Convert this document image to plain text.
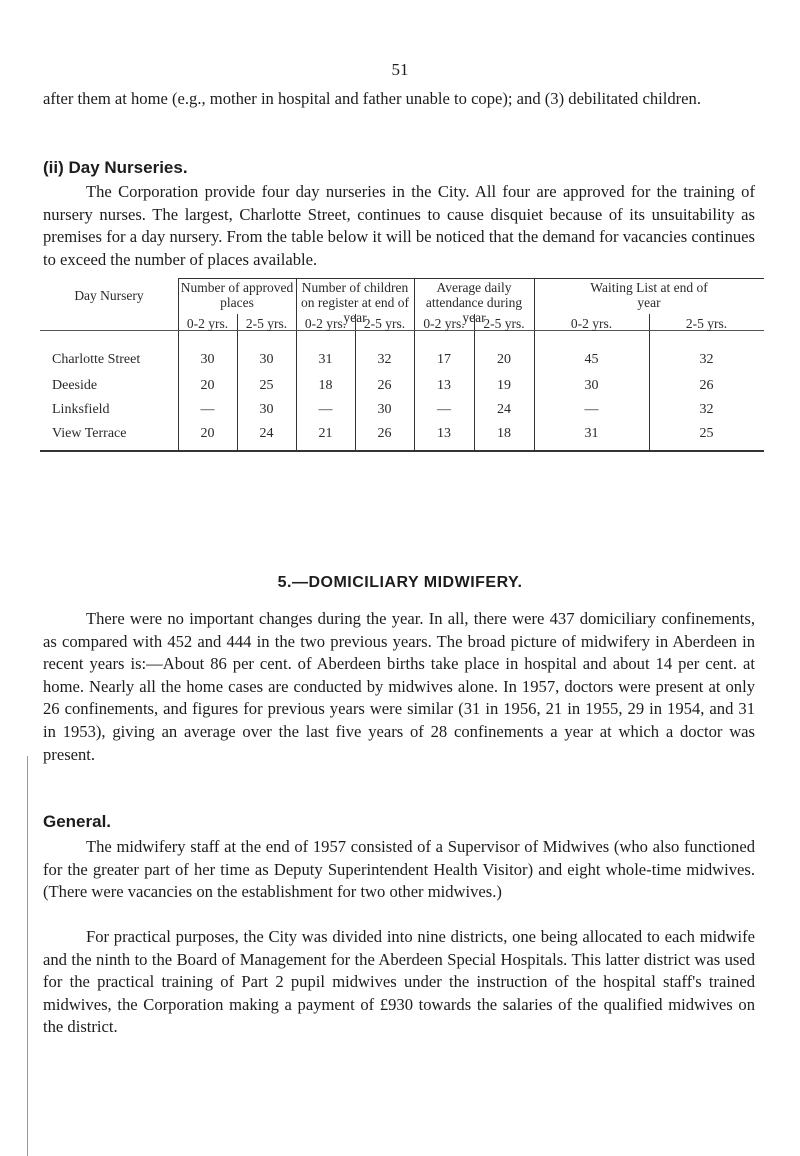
51

after them at home (e.g., mother in hospital and father unable to cope); and (3) debilitated children.

(ii) Day Nurseries.

The Corporation provide four day nurseries in the City. All four are approved for the training of nursery nurses. The largest, Charlotte Street, continues to cause disquiet because of its unsuitability as premises for a day nursery. From the table below it will be noticed that the demand for vacancies continues to exceed the number of places available.

Day Nursery
Number of approved places
Number of children on register at end of year
Average daily attendance during year
Waiting List at end of year
0-2 yrs.	2-5 yrs.	0-2 yrs.	2-5 yrs.	0-2 yrs.	2-5 yrs.	0-2 yrs.	2-5 yrs.
Charlotte Street	30	30	31	32	17	20	45	32
Deeside	20	25	18	26	13	19	30	26
Linksfield	—	30	—	30	—	24	—	32
View Terrace	20	24	21	26	13	18	31	25
5.—DOMICILIARY MIDWIFERY.

There were no important changes during the year. In all, there were 437 domiciliary confinements, as compared with 452 and 444 in the two previous years. The broad picture of midwifery in Aberdeen in recent years is:—About 86 per cent. of Aberdeen births take place in hospital and about 14 per cent. at home. Nearly all the home cases are conducted by midwives alone. In 1957, doctors were present at only 26 confinements, and figures for previous years were similar (31 in 1956, 21 in 1955, 29 in 1954, and 31 in 1953), giving an average over the last five years of 28 confinements a year at which a doctor was present.

General.

The midwifery staff at the end of 1957 consisted of a Supervisor of Midwives (who also functioned for the greater part of her time as Deputy Superintendent Health Visitor) and eight whole-time midwives. (There were vacancies on the establishment for two other midwives.)

For practical purposes, the City was divided into nine districts, one being allocated to each midwife and the ninth to the Board of Management for the Aberdeen Special Hospitals. This latter district was used for the practical training of Part 2 pupil midwives under the instruction of the hospital staff's trained midwives, the Corporation making a payment of £930 towards the salaries of the qualified midwives on the district.
